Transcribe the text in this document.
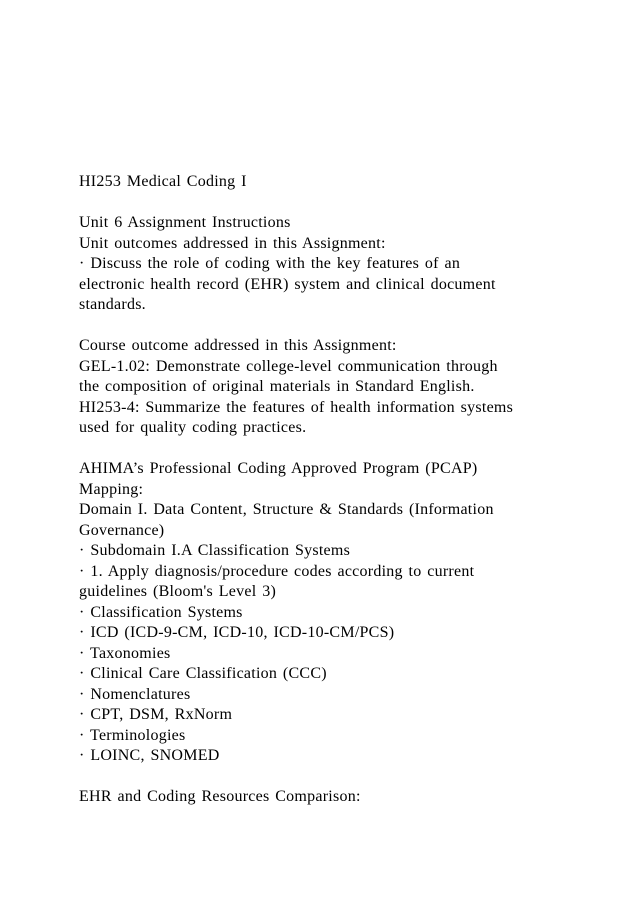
HI253 Medical Coding I
Unit 6 Assignment Instructions
Unit outcomes addressed in this Assignment:
· Discuss the role of coding with the key features of an
electronic health record (EHR) system and clinical document
standards.
Course outcome addressed in this Assignment:
GEL-1.02: Demonstrate college-level communication through
the composition of original materials in Standard English.
HI253-4: Summarize the features of health information systems
used for quality coding practices.
AHIMA’s Professional Coding Approved Program (PCAP)
Mapping:
Domain I. Data Content, Structure & Standards (Information
Governance)
· Subdomain I.A Classification Systems
· 1. Apply diagnosis/procedure codes according to current
guidelines (Bloom's Level 3)
· Classification Systems
· ICD (ICD-9-CM, ICD-10, ICD-10-CM/PCS)
· Taxonomies
· Clinical Care Classification (CCC)
· Nomenclatures
· CPT, DSM, RxNorm
· Terminologies
· LOINC, SNOMED
EHR and Coding Resources Comparison:
